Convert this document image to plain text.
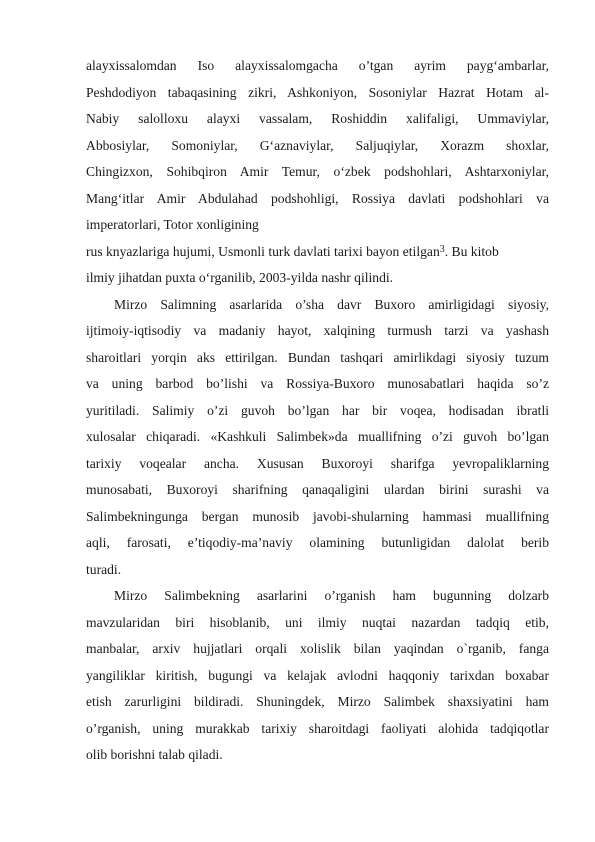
alayxissalomdan Iso alayxissalomgacha o’tgan ayrim payg‘ambarlar,
Peshdodiyon tabaqasining zikri, Ashkoniyon, Sosoniylar Hazrat Hotam al-
Nabiy salolloxu alayxi vassalam, Roshiddin xalifaligi, Ummaviylar,
Abbosiylar, Somoniylar, G‘aznaviylar, Saljuqiylar, Xorazm shoxlar,
Chingizxon, Sohibqiron Amir Temur, o‘zbek podshohlari, Ashtarxoniylar,
Mang‘itlar Amir Abdulahad podshohligi, Rossiya davlati podshohlari va
imperatorlari, Totor xonligining
rus knyazlariga hujumi, Usmonli turk davlati tarixi bayon etilgan$^3$. Bu kitob
ilmiy jihatdan puxta o‘rganilib, 2003-yilda nashr qilindi.
Mirzo Salimning asarlarida o’sha davr Buxoro amirligidagi siyosiy,
ijtimoiy-iqtisodiy va madaniy hayot, xalqining turmush tarzi va yashash
sharoitlari yorqin aks ettirilgan. Bundan tashqari amirlikdagi siyosiy tuzum
va uning barbod bo’lishi va Rossiya-Buxoro munosabatlari haqida so’z
yuritiladi. Salimiy o’zi guvoh bo’lgan har bir voqea, hodisadan ibratli
xulosalar chiqaradi. «Kashkuli Salimbek»da muallifning o’zi guvoh bo’lgan
tarixiy voqealar ancha. Xususan Buxoroyi sharifga yevropaliklarning
munosabati, Buxoroyi sharifning qanaqaligini ulardan birini surashi va
Salimbekningunga bergan munosib javobi-shularning hammasi muallifning
aqli, farosati, e’tiqodiy-ma’naviy olamining butunligidan dalolat berib
turadi.
Mirzo Salimbekning asarlarini o’rganish ham bugunning dolzarb
mavzularidan biri hisoblanib, uni ilmiy nuqtai nazardan tadqiq etib,
manbalar, arxiv hujjatlari orqali xolislik bilan yaqindan o`rganib, fanga
yangiliklar kiritish, bugungi va kelajak avlodni haqqoniy tarixdan boxabar
etish zarurligini bildiradi. Shuningdek, Mirzo Salimbek shaxsiyatini ham
o’rganish, uning murakkab tarixiy sharoitdagi faoliyati alohida tadqiqotlar
olib borishni talab qiladi.
